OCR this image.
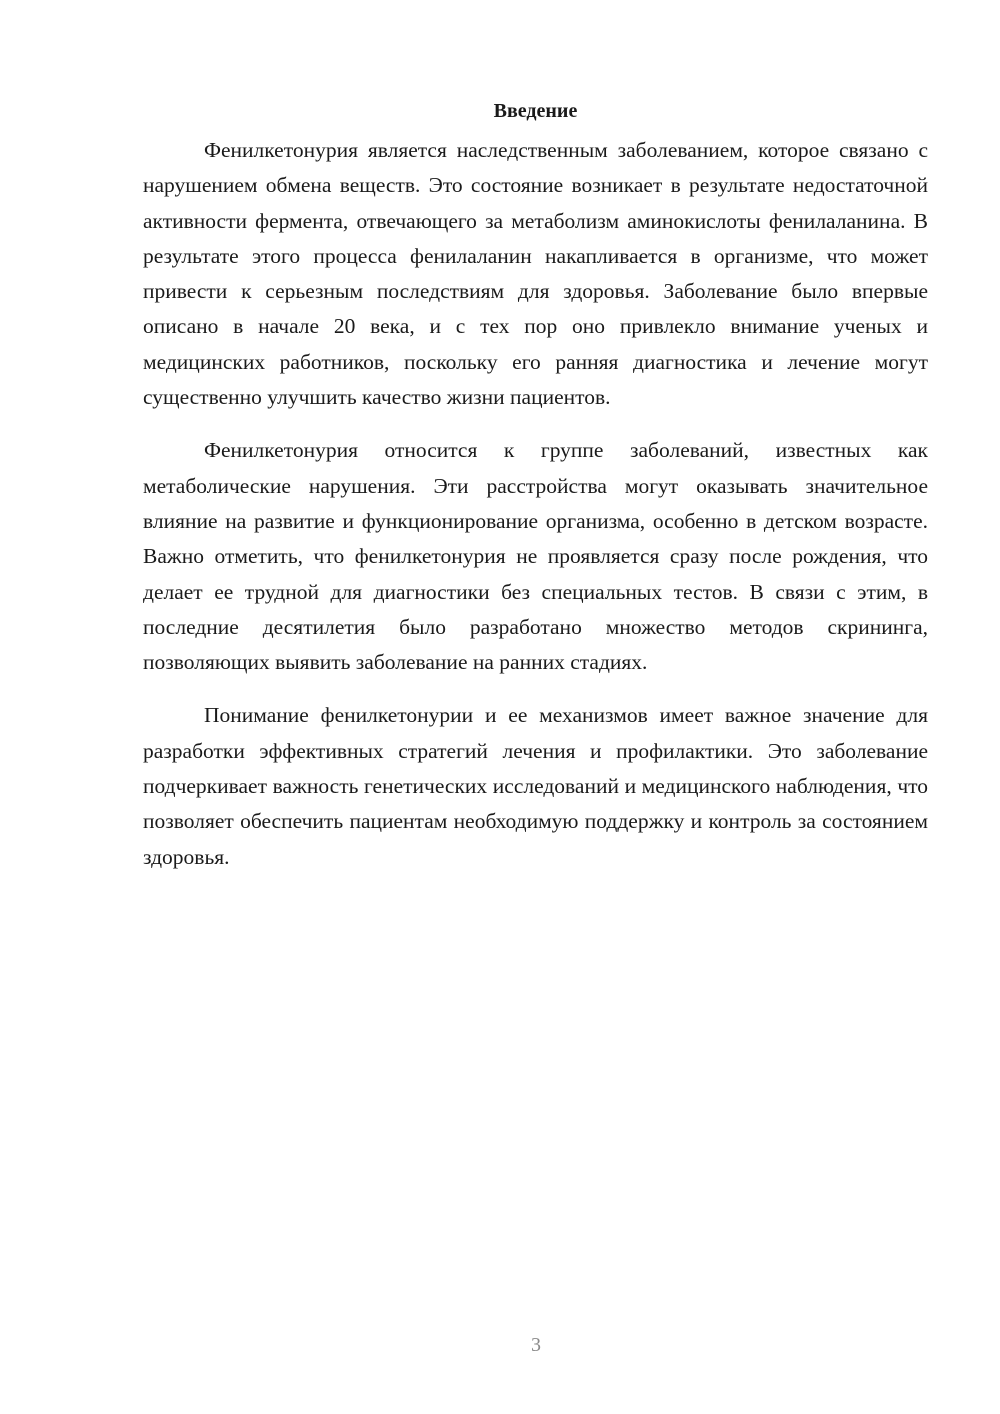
Введение

Фенилкетонурия является наследственным заболеванием, которое связано с нарушением обмена веществ. Это состояние возникает в результате недостаточной активности фермента, отвечающего за метаболизм аминокислоты фенилаланина. В результате этого процесса фенилаланин накапливается в организме, что может привести к серьезным последствиям для здоровья. Заболевание было впервые описано в начале 20 века, и с тех пор оно привлекло внимание ученых и медицинских работников, поскольку его ранняя диагностика и лечение могут существенно улучшить качество жизни пациентов.

Фенилкетонурия относится к группе заболеваний, известных как метаболические нарушения. Эти расстройства могут оказывать значительное влияние на развитие и функционирование организма, особенно в детском возрасте. Важно отметить, что фенилкетонурия не проявляется сразу после рождения, что делает ее трудной для диагностики без специальных тестов. В связи с этим, в последние десятилетия было разработано множество методов скрининга, позволяющих выявить заболевание на ранних стадиях.

Понимание фенилкетонурии и ее механизмов имеет важное значение для разработки эффективных стратегий лечения и профилактики. Это заболевание подчеркивает важность генетических исследований и медицинского наблюдения, что позволяет обеспечить пациентам необходимую поддержку и контроль за состоянием здоровья.

3
